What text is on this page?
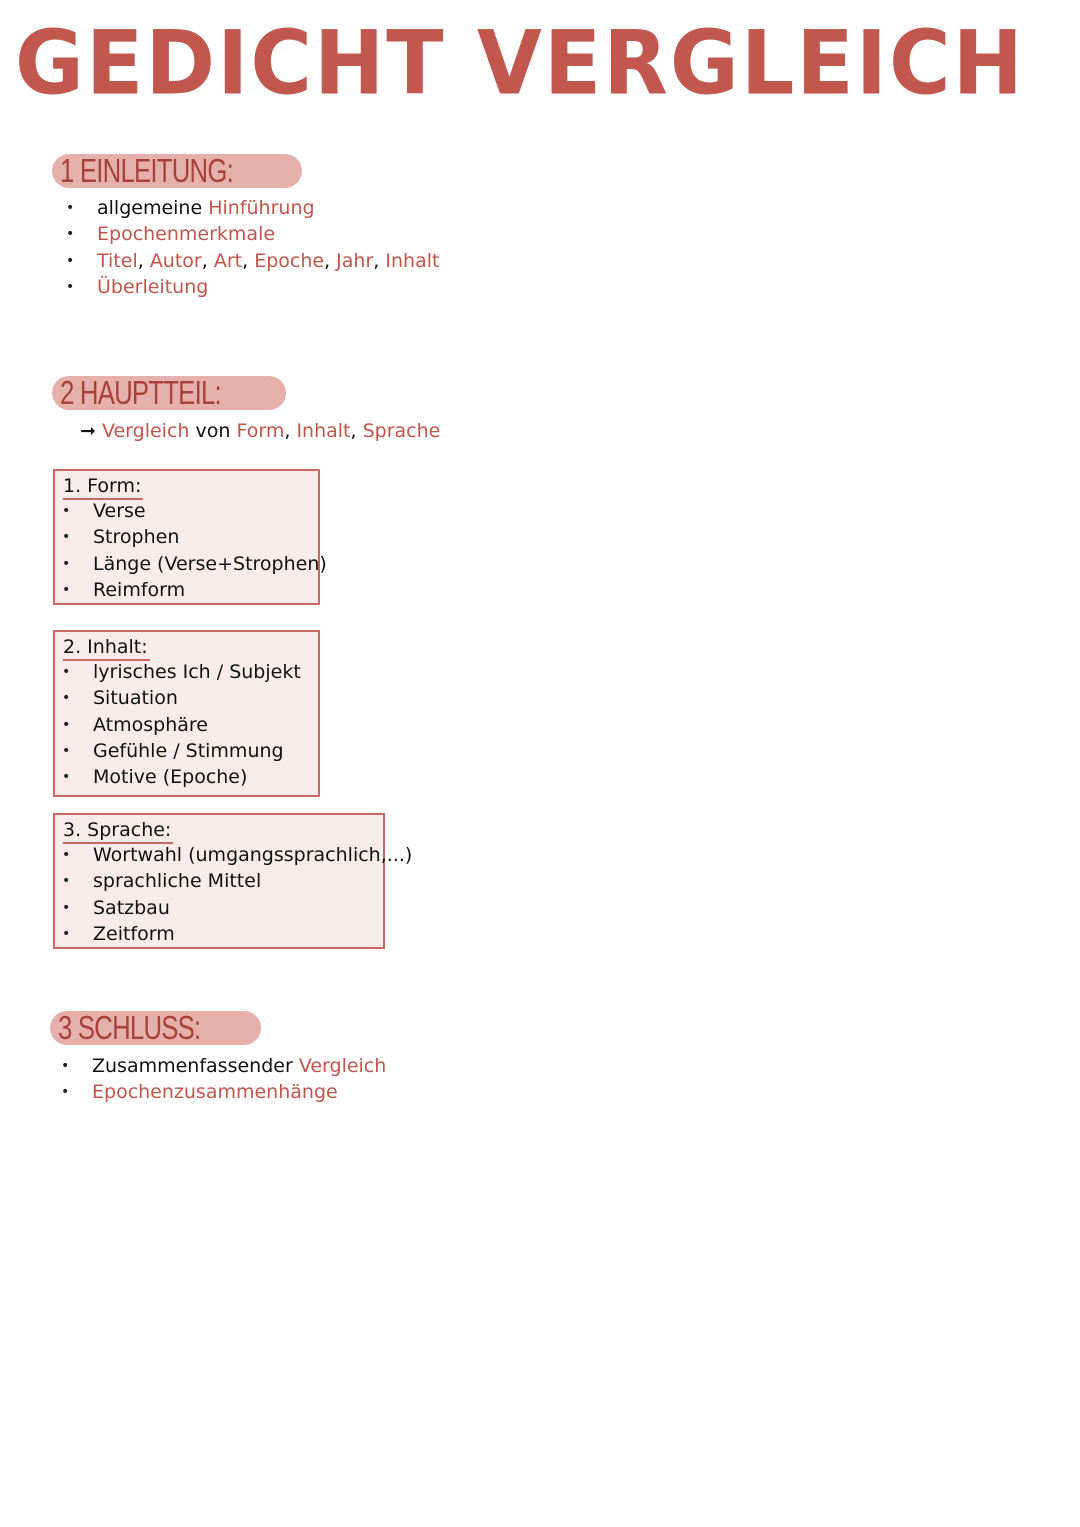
GEDICHT VERGLEICH
1 EINLEITUNG:
• allgemeine Hinführung
• Epochenmerkmale
• Titel, Autor, Art, Epoche, Jahr, Inhalt
• Überleitung
2 HAUPTTEIL:
➞ Vergleich von Form, Inhalt, Sprache
1. Form:
• Verse
• Strophen
• Länge (Verse+Strophen)
• Reimform
2. Inhalt:
• lyrisches Ich / Subjekt
• Situation
• Atmosphäre
• Gefühle / Stimmung
• Motive (Epoche)
3. Sprache:
• Wortwahl (umgangssprachlich,...)
• sprachliche Mittel
• Satzbau
• Zeitform
3 SCHLUSS:
• Zusammenfassender Vergleich
• Epochenzusammenhänge
